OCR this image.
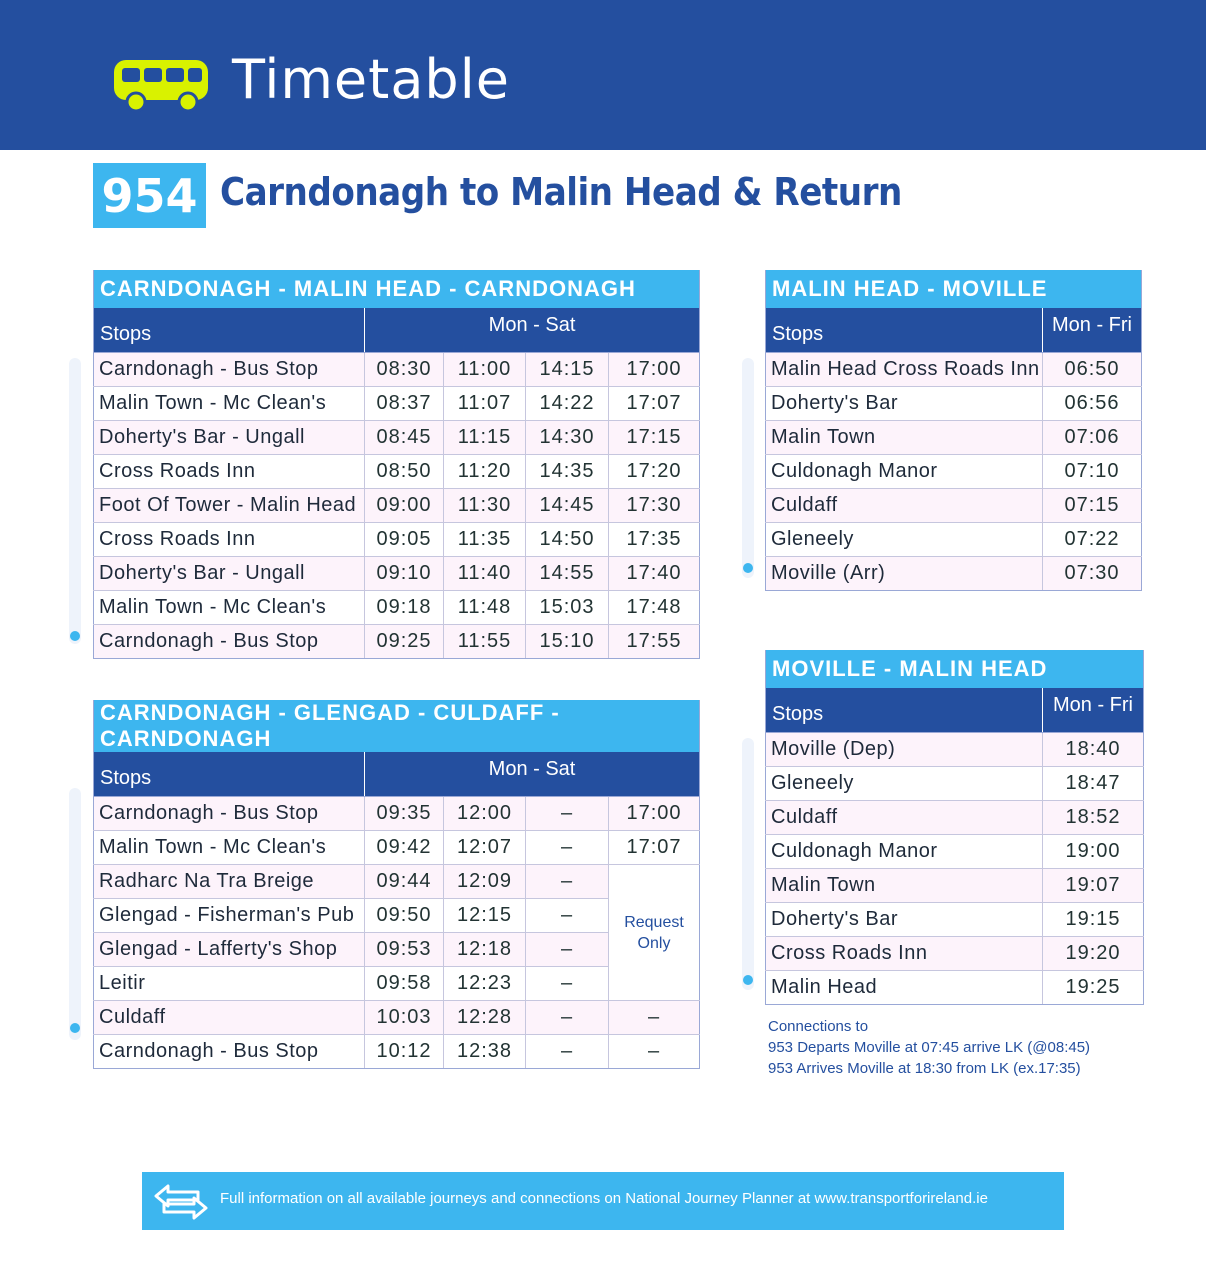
Timetable
954 Carndonagh to Malin Head & Return
CARNDONAGH - MALIN HEAD - CARNDONAGH				
Stops	Mon - Sat			
Carndonagh - Bus Stop	08:30	11:00	14:15	17:00
Malin Town - Mc Clean's	08:37	11:07	14:22	17:07
Doherty's Bar - Ungall	08:45	11:15	14:30	17:15
Cross Roads Inn	08:50	11:20	14:35	17:20
Foot Of Tower - Malin Head	09:00	11:30	14:45	17:30
Cross Roads Inn	09:05	11:35	14:50	17:35
Doherty's Bar - Ungall	09:10	11:40	14:55	17:40
Malin Town - Mc Clean's	09:18	11:48	15:03	17:48
Carndonagh - Bus Stop	09:25	11:55	15:10	17:55
CARNDONAGH - GLENGAD - CULDAFF - CARNDONAGH				
Stops	Mon - Sat			
Carndonagh - Bus Stop	09:35	12:00	–	17:00
Malin Town - Mc Clean's	09:42	12:07	–	17:07
Radharc Na Tra Breige	09:44	12:09	–	Request
Only

Glengad - Fisherman's Pub	09:50	12:15	–	
Glengad - Lafferty's Shop	09:53	12:18	–	
Leitir	09:58	12:23	–	
Culdaff	10:03	12:28	–	–
Carndonagh - Bus Stop	10:12	12:38	–	–
MALIN HEAD - MOVILLE	
Stops	Mon - Fri
Malin Head Cross Roads Inn	06:50
Doherty's Bar	06:56
Malin Town	07:06
Culdonagh Manor	07:10
Culdaff	07:15
Gleneely	07:22
Moville (Arr)	07:30
MOVILLE - MALIN HEAD	
Stops	Mon - Fri
Moville (Dep)	18:40
Gleneely	18:47
Culdaff	18:52
Culdonagh Manor	19:00
Malin Town	19:07
Doherty's Bar	19:15
Cross Roads Inn	19:20
Malin Head	19:25
Connections to
953 Departs Moville at 07:45 arrive LK (@08:45)
953 Arrives Moville at 18:30 from LK (ex.17:35)
Full information on all available journeys and connections on National Journey Planner at www.transportforireland.ie
